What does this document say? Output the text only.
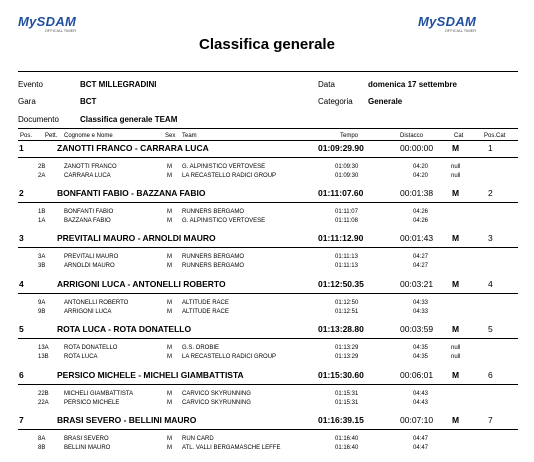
MySDAM
OFFICIAL TIMER
MySDAM
OFFICIAL TIMER
Classifica generale
Evento	BCT MILLEGRADINI	Data	domenica 17 settembre
Gara	BCT	Categoria Generale
Documento	Classifica generale TEAM
Pos. Pett. Cognome e Nome	Sex Team	Tempo	Distacco	Cat	Pos.Cat
1	ZANOTTI FRANCO - CARRARA LUCA	01:09:29.90	00:00:00 M	1
2B	ZANOTTI FRANCO	M G. ALPINISTICO VERTOVESE	01:09:30	04:20	null
2A	CARRARA LUCA	M LA RECASTELLO RADICI GROUP	01:09:30	04:20	null
2	BONFANTI FABIO - BAZZANA FABIO	01:11:07.60	00:01:38 M	2
1B	BONFANTI FABIO	M RUNNERS BERGAMO	01:11:07	04:26
1A	BAZZANA FABIO	M G. ALPINISTICO VERTOVESE	01:11:08	04:26
3	PREVITALI MAURO - ARNOLDI MAURO	01:11:12.90	00:01:43 M	3
3A	PREVITALI MAURO	M RUNNERS BERGAMO	01:11:13	04:27
3B	ARNOLDI MAURO	M RUNNERS BERGAMO	01:11:13	04:27
4	ARRIGONI LUCA - ANTONELLI ROBERTO	01:12:50.35	00:03:21 M	4
9A	ANTONELLI ROBERTO	M ALTITUDE RACE	01:12:50	04:33
9B	ARRIGONI LUCA	M ALTITUDE RACE	01:12:51	04:33
5	ROTA LUCA - ROTA DONATELLO	01:13:28.80	00:03:59 M	5
13A	ROTA DONATELLO	M G.S. OROBIE	01:13:29	04:35	null
13B	ROTA LUCA	M LA RECASTELLO RADICI GROUP	01:13:29	04:35	null
6	PERSICO MICHELE - MICHELI GIAMBATTISTA	01:15:30.60	00:06:01 M	6
22B	MICHELI GIAMBATTISTA	M CARVICO SKYRUNNING	01:15:31	04:43
22A	PERSICO MICHELE	M CARVICO SKYRUNNING	01:15:31	04:43
7	BRASI SEVERO - BELLINI MAURO	01:16:39.15	00:07:10 M	7
8A	BRASI SEVERO	M RUN CARD	01:16:40	04:47
8B	BELLINI MAURO	M ATL. VALLI BERGAMASCHE LEFFE	01:16:40	04:47
